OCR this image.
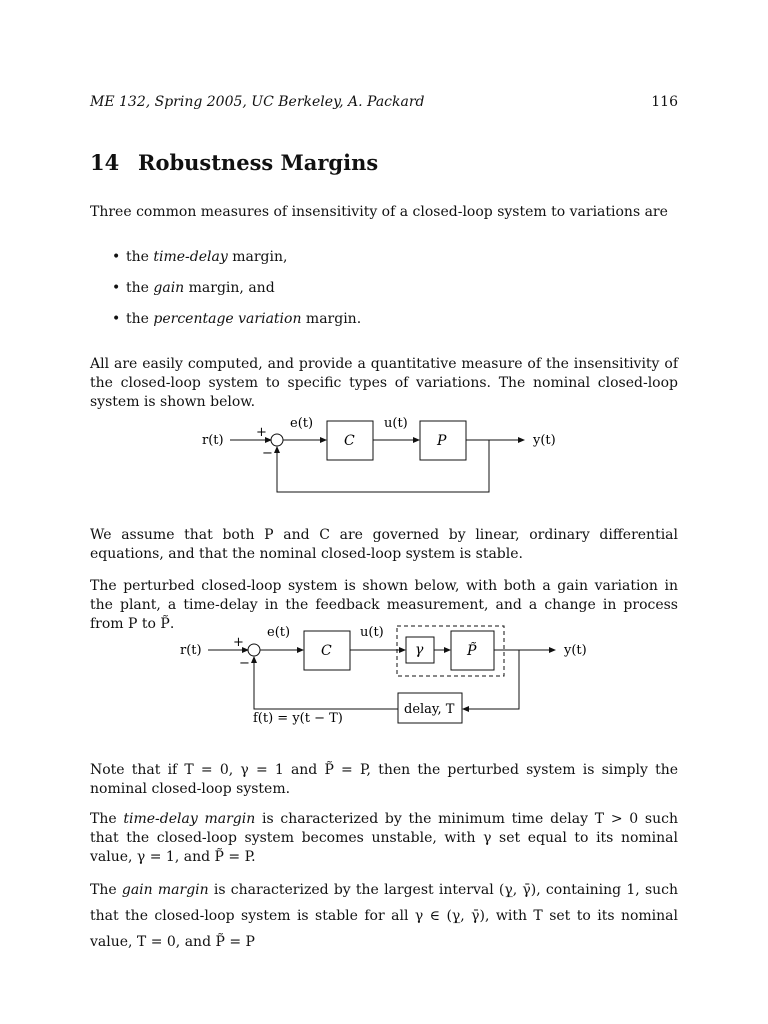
ME 132, Spring 2005, UC Berkeley, A. Packard	116
14 Robustness Margins

Three common measures of insensitivity of a closed-loop system to variations are

• the time-delay margin,
• the gain margin, and
• the percentage variation margin.

All are easily computed, and provide a quantitative measure of the insensitivity of the closed-loop system to specific types of variations. The nominal closed-loop system is shown below.

r(t)
+
−
e(t)
C
u(t)
P	y(t)

We assume that both P and C are governed by linear, ordinary differential equations, and that the nominal closed-loop system is stable.

The perturbed closed-loop system is shown below, with both a gain variation in the plant, a time-delay in the feedback measurement, and a change in process from P to P̃.

r(t)
+
−
e(t)
C
u(t)
γ	P̃	y(t)
delay, T
f(t) = y(t − T)

Note that if T = 0, γ = 1 and P̃ = P, then the perturbed system is simply the nominal closed-loop system.

The time-delay margin is characterized by the minimum time delay T > 0 such that the closed-loop system becomes unstable, with γ set equal to its nominal value, γ = 1, and P̃ = P.

The gain margin is characterized by the largest interval (γ̲, γ̄), containing 1, such that the closed-loop system is stable for all γ ∈ (γ̲, γ̄), with T set to its nominal value, T = 0, and P̃ = P
